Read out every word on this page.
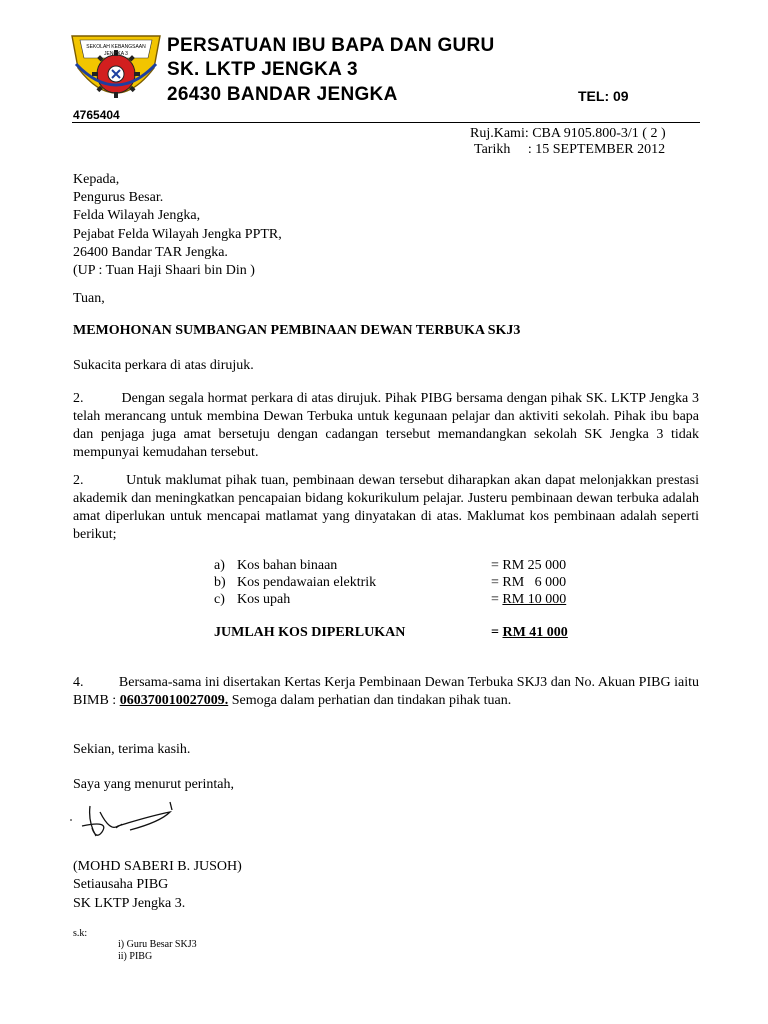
SEKOLAH KEBANGSAAN
JENGKA 3 PERSATUAN IBU BAPA DAN GURU
SK. LKTP JENGKA 3
26430 BANDAR JENGKA	TEL: 09
4765404
Ruj.Kami: CBA 9105.800-3/1 ( 2 )
Tarikh     : 15 SEPTEMBER 2012
Kepada,
Pengurus Besar.
Felda Wilayah Jengka,
Pejabat Felda Wilayah Jengka PPTR,
26400 Bandar TAR Jengka.
(UP : Tuan Haji Shaari bin Din )
Tuan,
MEMOHONAN SUMBANGAN PEMBINAAN DEWAN TERBUKA SKJ3
Sukacita perkara di atas dirujuk.
2.          Dengan segala hormat perkara di atas dirujuk. Pihak PIBG bersama dengan pihak SK. LKTP Jengka 3 telah merancang untuk membina Dewan Terbuka untuk kegunaan pelajar dan aktiviti sekolah. Pihak ibu bapa dan penjaga juga amat bersetuju dengan cadangan tersebut memandangkan sekolah SK Jengka 3 tidak mempunyai kemudahan tersebut.
2.          Untuk maklumat pihak tuan, pembinaan dewan tersebut diharapkan akan dapat melonjakkan prestasi akademik dan meningkatkan pencapaian bidang kokurikulum pelajar. Justeru pembinaan dewan terbuka adalah amat diperlukan untuk mencapai matlamat yang dinyatakan di atas. Maklumat kos pembinaan adalah seperti berikut;
a) Kos bahan binaan	= RM 25 000
b) Kos pendawaian elektrik	= RM   6 000
c) Kos upah	= RM 10 000
JUMLAH KOS DIPERLUKAN	= RM 41 000
4.          Bersama-sama ini disertakan Kertas Kerja Pembinaan Dewan Terbuka SKJ3 dan No. Akuan PIBG iaitu BIMB : 060370010027009. Semoga dalam perhatian dan tindakan pihak tuan.
Sekian, terima kasih.
Saya yang menurut perintah,
(MOHD SABERI B. JUSOH)
Setiausaha PIBG
SK LKTP Jengka 3.
s.k:
i) Guru Besar SKJ3
ii) PIBG
